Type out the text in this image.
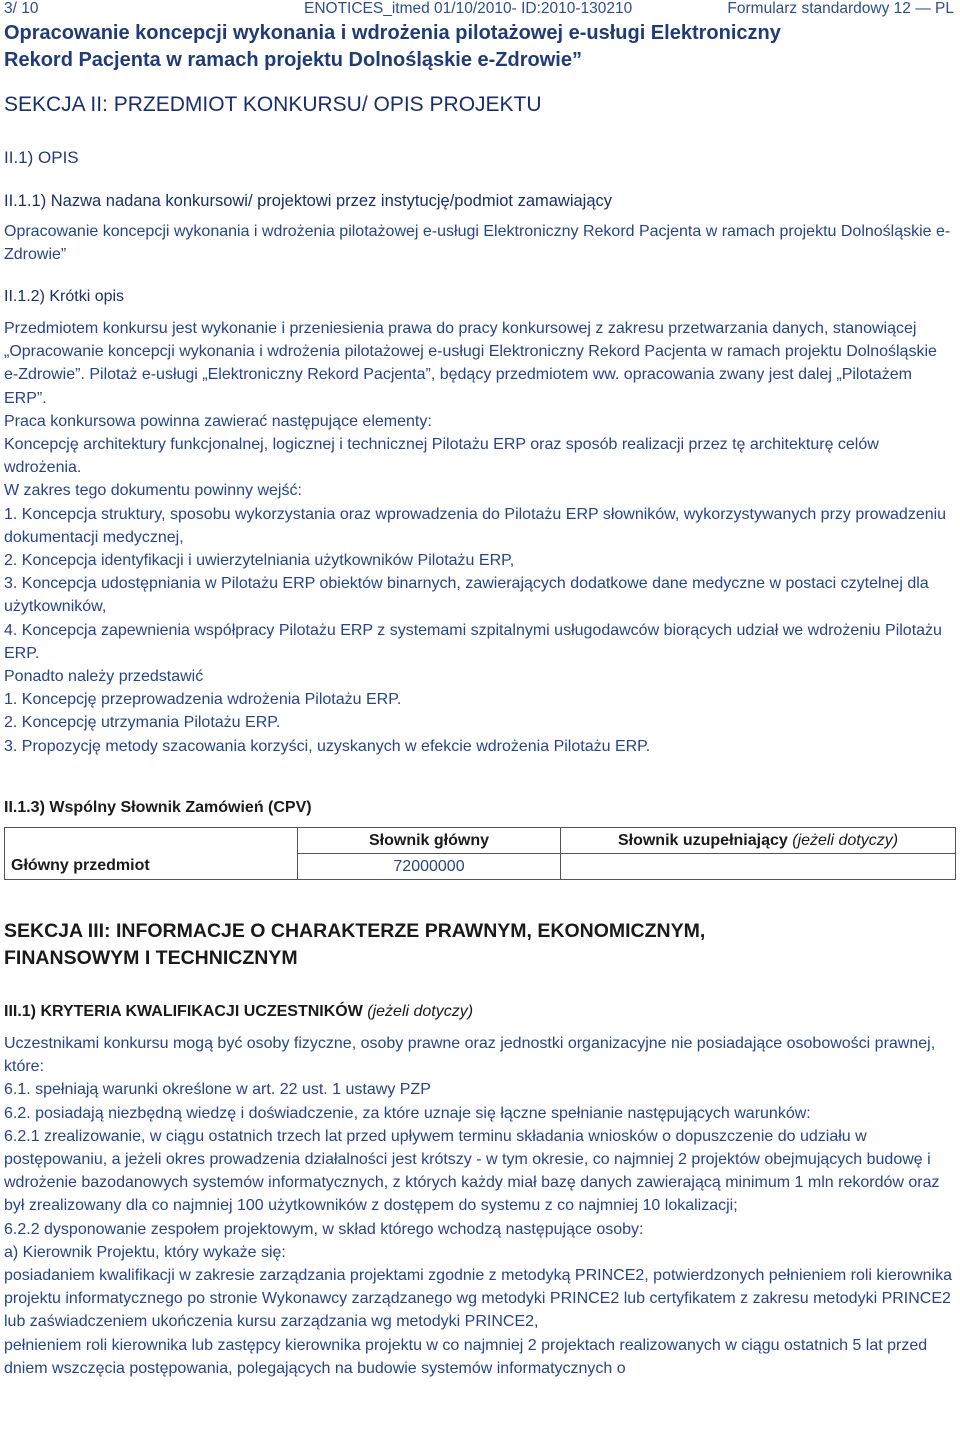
3/ 10	ENOTICES_itmed 01/10/2010- ID:2010-130210	Formularz standardowy 12 — PL
Opracowanie koncepcji wykonania i wdrożenia pilotażowej e-usługi Elektroniczny
Rekord Pacjenta w ramach projektu Dolnośląskie e-Zdrowie”
SEKCJA II: PRZEDMIOT KONKURSU/ OPIS PROJEKTU
II.1) OPIS
II.1.1) Nazwa nadana konkursowi/ projektowi przez instytucję/podmiot zamawiający
Opracowanie koncepcji wykonania i wdrożenia pilotażowej e-usługi Elektroniczny Rekord Pacjenta w ramach projektu Dolnośląskie e-Zdrowie”
II.1.2) Krótki opis

Przedmiotem konkursu jest wykonanie i przeniesienia prawa do pracy konkursowej z zakresu przetwarzania danych, stanowiącej „Opracowanie koncepcji wykonania i wdrożenia pilotażowej e-usługi Elektroniczny Rekord Pacjenta w ramach projektu Dolnośląskie

e-Zdrowie”. Pilotaż e-usługi „Elektroniczny Rekord Pacjenta”, będący przedmiotem ww. opracowania zwany jest dalej „Pilotażem ERP”.

Praca konkursowa powinna zawierać następujące elementy:

Koncepcję architektury funkcjonalnej, logicznej i technicznej Pilotażu ERP oraz sposób realizacji przez tę architekturę celów wdrożenia.

W zakres tego dokumentu powinny wejść:

1. Koncepcja struktury, sposobu wykorzystania oraz wprowadzenia do Pilotażu ERP słowników, wykorzystywanych przy prowadzeniu dokumentacji medycznej,

2. Koncepcja identyfikacji i uwierzytelniania użytkowników Pilotażu ERP,

3. Koncepcja udostępniania w Pilotażu ERP obiektów binarnych, zawierających dodatkowe dane medyczne w postaci czytelnej dla użytkowników,

4. Koncepcja zapewnienia współpracy Pilotażu ERP z systemami szpitalnymi usługodawców biorących udział we wdrożeniu Pilotażu ERP.

Ponadto należy przedstawić

1. Koncepcję przeprowadzenia wdrożenia Pilotażu ERP.

2. Koncepcję utrzymania Pilotażu ERP.

3. Propozycję metody szacowania korzyści, uzyskanych w efekcie wdrożenia Pilotażu ERP.

II.1.3) Wspólny Słownik Zamówień (CPV)
	Słownik główny	Słownik uzupełniający (jeżeli dotyczy)
Główny przedmiot	72000000	
SEKCJA III: INFORMACJE O CHARAKTERZE PRAWNYM, EKONOMICZNYM,
FINANSOWYM I TECHNICZNYM
III.1) KRYTERIA KWALIFIKACJI UCZESTNIKÓW (jeżeli dotyczy)

Uczestnikami konkursu mogą być osoby fizyczne, osoby prawne oraz jednostki organizacyjne nie posiadające osobowości prawnej, które:

6.1. spełniają warunki określone w art. 22 ust. 1 ustawy PZP

6.2. posiadają niezbędną wiedzę i doświadczenie, za które uznaje się łączne spełnianie następujących warunków:

6.2.1 zrealizowanie, w ciągu ostatnich trzech lat przed upływem terminu składania wniosków o dopuszczenie do udziału w postępowaniu, a jeżeli okres prowadzenia działalności jest krótszy - w tym okresie, co najmniej 2 projektów obejmujących budowę i wdrożenie bazodanowych systemów informatycznych, z których każdy miał bazę danych zawierającą minimum 1 mln rekordów oraz był zrealizowany dla co najmniej 100 użytkowników z dostępem do systemu z co najmniej 10 lokalizacji;

6.2.2 dysponowanie zespołem projektowym, w skład którego wchodzą następujące osoby:

a) Kierownik Projektu, który wykaże się:

posiadaniem kwalifikacji w zakresie zarządzania projektami zgodnie z metodyką PRINCE2, potwierdzonych pełnieniem roli kierownika projektu informatycznego po stronie Wykonawcy zarządzanego wg metodyki PRINCE2 lub certyfikatem z zakresu metodyki PRINCE2 lub zaświadczeniem ukończenia kursu zarządzania wg metodyki PRINCE2,

pełnieniem roli kierownika lub zastępcy kierownika projektu w co najmniej 2 projektach realizowanych w ciągu ostatnich 5 lat przed dniem wszczęcia postępowania, polegających na budowie systemów informatycznych o
